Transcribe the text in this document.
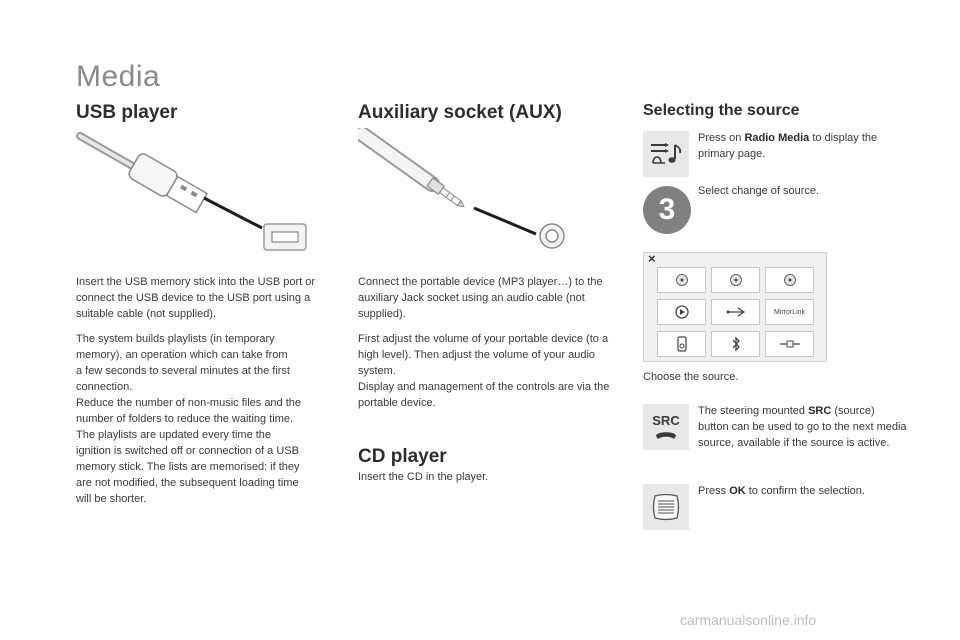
Media
USB player
Insert the USB memory stick into the USB port or connect the USB device to the USB port using a suitable cable (not supplied).
The system builds playlists (in temporary
memory), an operation which can take from
a few seconds to several minutes at the first
connection.
Reduce the number of non-music files and the
number of folders to reduce the waiting time.
The playlists are updated every time the
ignition is switched off or connection of a USB
memory stick. The lists are memorised: if they
are not modified, the subsequent loading time
will be shorter.
Auxiliary socket (AUX)
Connect the portable device (MP3 player…) to the auxiliary Jack socket using an audio cable (not supplied).
First adjust the volume of your portable device (to a high level). Then adjust the volume of your audio system.
Display and management of the controls are via the portable device.
CD player
Insert the CD in the player.
Selecting the source
Press on Radio Media to display the primary page.
Select change of source.
×
MirrorLink
Choose the source.
SRC
The steering mounted SRC (source) button can be used to go to the next media source, available if the source is active.
Press OK to confirm the selection.
3
carmanualsonline.info
